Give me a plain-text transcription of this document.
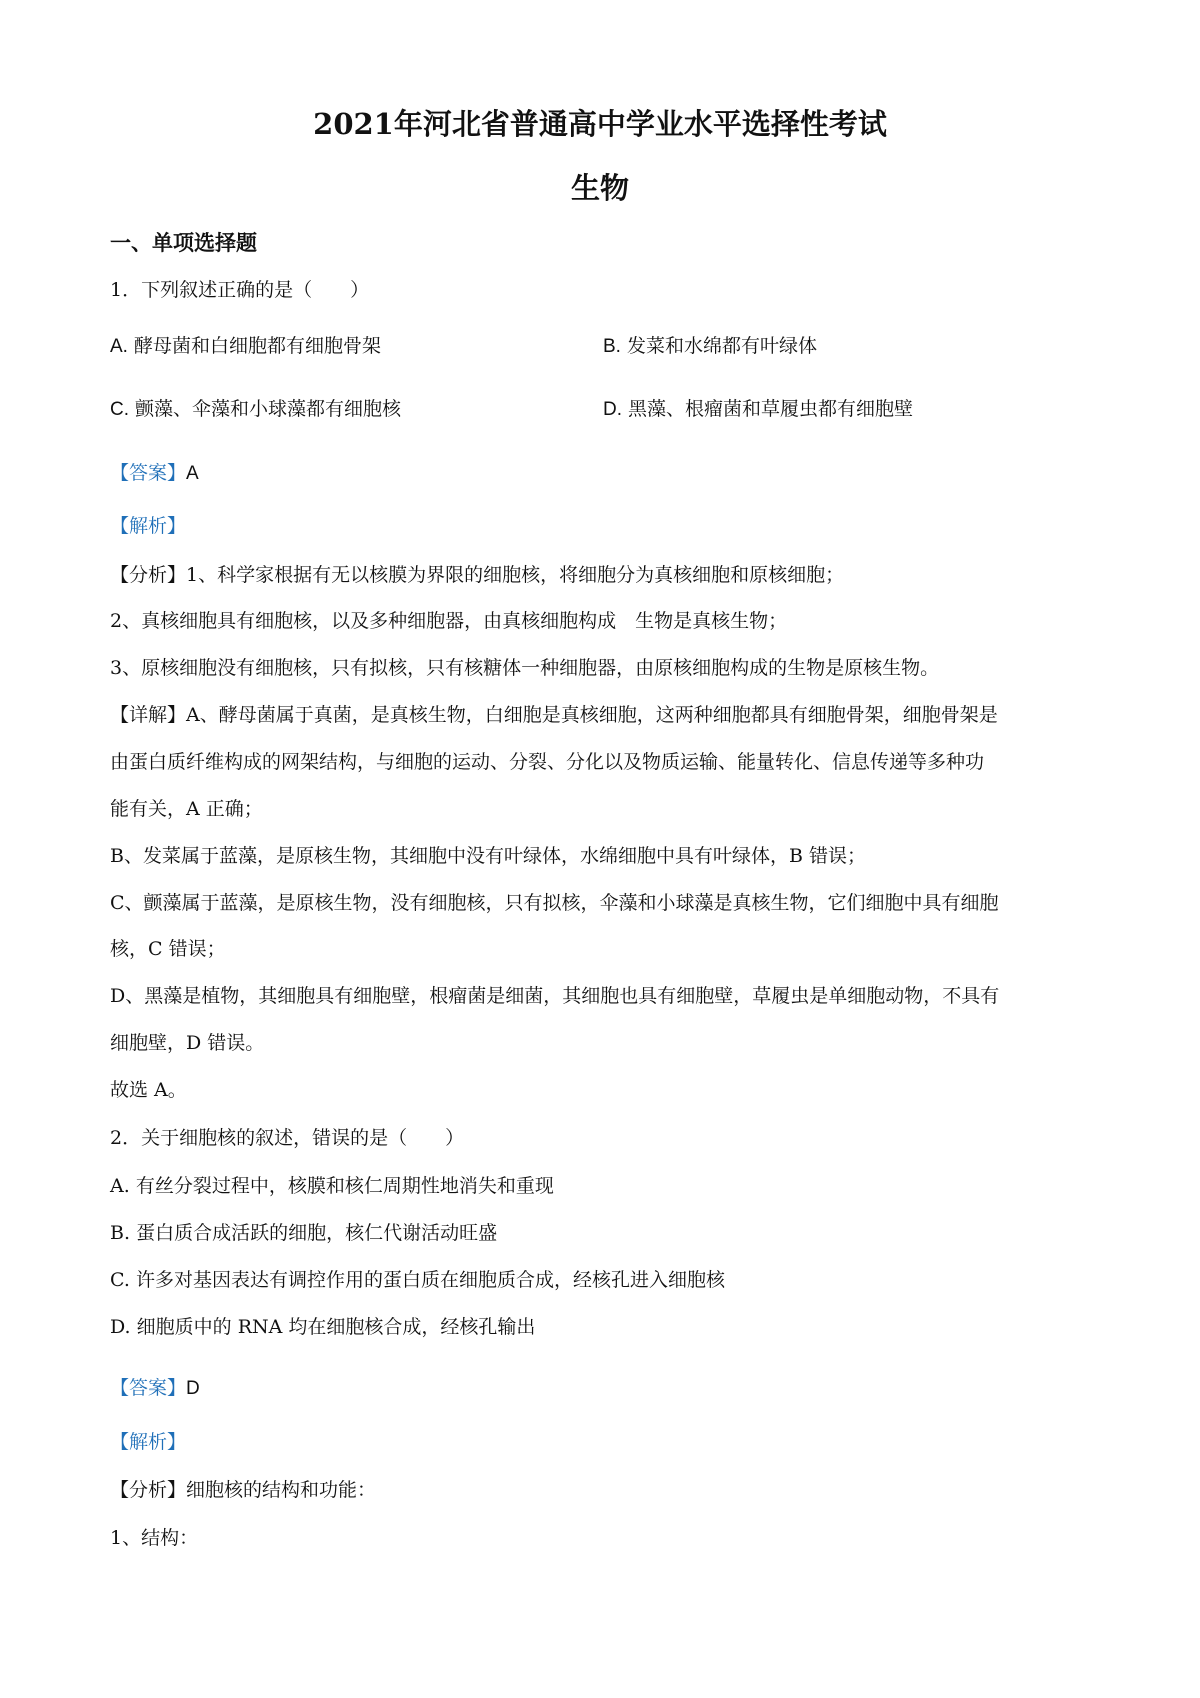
2021年河北省普通高中学业水平选择性考试
生物
一、单项选择题
1．下列叙述正确的是（　　）
A. 酵母菌和白细胞都有细胞骨架	B. 发菜和水绵都有叶绿体
C. 颤藻、伞藻和小球藻都有细胞核	D. 黑藻、根瘤菌和草履虫都有细胞壁
【答案】A
【解析】
【分析】1、科学家根据有无以核膜为界限的细胞核，将细胞分为真核细胞和原核细胞；
2、真核细胞具有细胞核，以及多种细胞器，由真核细胞构成　生物是真核生物；
3、原核细胞没有细胞核，只有拟核，只有核糖体一种细胞器，由原核细胞构成的生物是原核生物。
【详解】A、酵母菌属于真菌，是真核生物，白细胞是真核细胞，这两种细胞都具有细胞骨架，细胞骨架是
由蛋白质纤维构成的网架结构，与细胞的运动、分裂、分化以及物质运输、能量转化、信息传递等多种功
能有关，A 正确；
B、发菜属于蓝藻，是原核生物，其细胞中没有叶绿体，水绵细胞中具有叶绿体，B 错误；
C、颤藻属于蓝藻，是原核生物，没有细胞核，只有拟核，伞藻和小球藻是真核生物，它们细胞中具有细胞
核，C 错误；
D、黑藻是植物，其细胞具有细胞壁，根瘤菌是细菌，其细胞也具有细胞壁，草履虫是单细胞动物，不具有
细胞壁，D 错误。
故选 A。
2．关于细胞核的叙述，错误的是（　　）
A. 有丝分裂过程中，核膜和核仁周期性地消失和重现
B. 蛋白质合成活跃的细胞，核仁代谢活动旺盛
C. 许多对基因表达有调控作用的蛋白质在细胞质合成，经核孔进入细胞核
D. 细胞质中的 RNA 均在细胞核合成，经核孔输出
【答案】D
【解析】
【分析】细胞核的结构和功能：
1、结构：
